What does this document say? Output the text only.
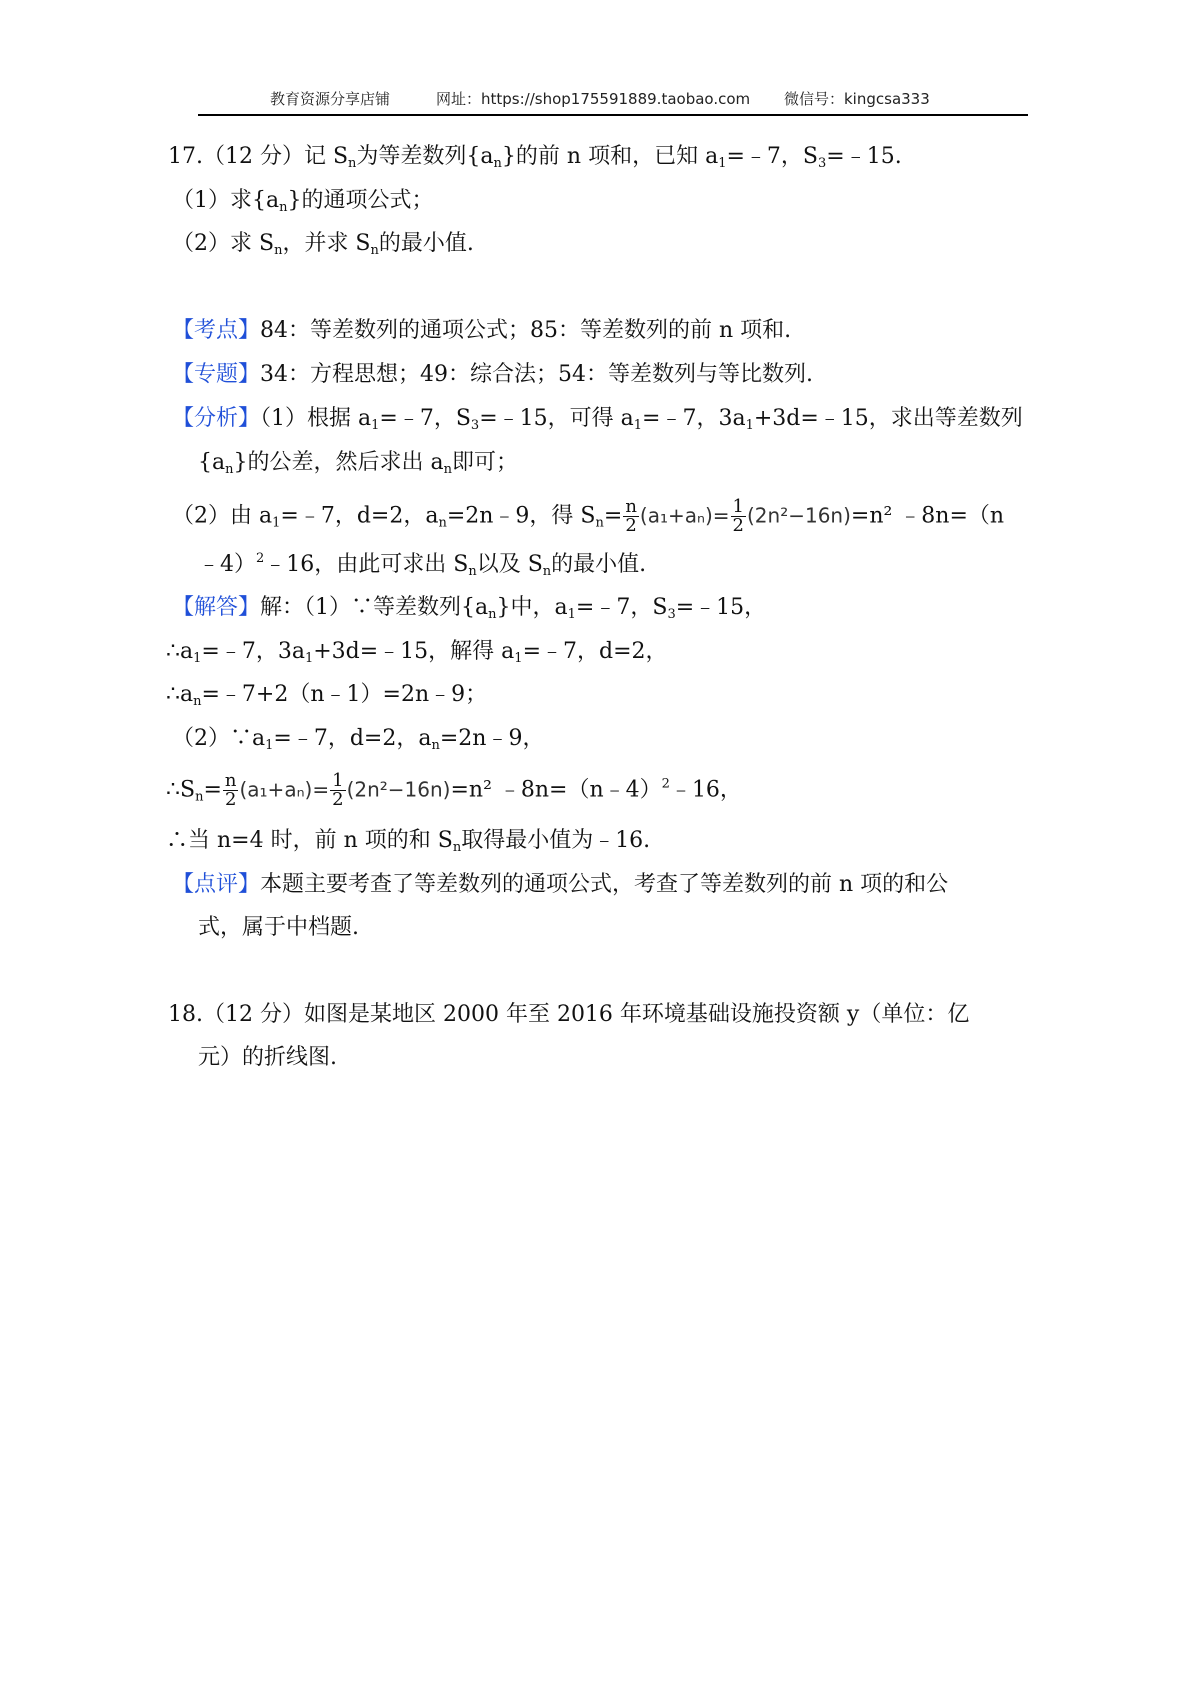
教育资源分享店铺	网址：https://shop175591889.taobao.com 微信号：kingcsa333
17.（12 分）记 $S_n$为等差数列$\{a_n\}$的前 n 项和，已知 $a_1=﹣7$，$S_3=﹣15$.
（1）求$\{a_n\}$的通项公式；
（2）求 $S_n$，并求 $S_n$的最小值.
【考点】84：等差数列的通项公式；85：等差数列的前 n 项和.
【专题】34：方程思想；49：综合法；54：等差数列与等比数列.
【分析】（1）根据 $a_1=﹣7$，$S_3=﹣15$，可得 $a_1=﹣7$，$3a_1+3d=﹣15$，求出等差数列
$\{a_n\}$的公差，然后求出 $a_n$即可；
（2）由 $a_1=﹣7$，d=2，$a_n=2n﹣9$，得 $S_n= \frac{n}{2} (a_1+a_n)= \frac{1}{2} (2n^2-16n)=n^2$ ﹣8n=（n
﹣4）$^2$﹣16，由此可求出 $S_n$以及 $S_n$的最小值.
【解答】解：（1）∵等差数列$\{a_n\}$中，$a_1=﹣7$，$S_3=﹣15$，
$\therefore a_1=﹣7$，$3a_1+3d=﹣15$，解得 $a_1=﹣7$，d=2，
$\therefore a_n=﹣7+2(n﹣1)=2n﹣9$；
$(2)\because a_1=﹣7$，d=2，$a_n=2n﹣9$，
$\therefore S_n= \frac{n}{2} (a_1+a_n)= \frac{1}{2} (2n^2-16n)=n^2$ ﹣8n=（n﹣4）$^2$﹣16，
∴当 n=4 时，前 n 项的和 $S_n$取得最小值为﹣16.
【点评】本题主要考查了等差数列的通项公式，考查了等差数列的前 n 项的和公
式，属于中档题.
18.（12 分）如图是某地区 2000 年至 2016 年环境基础设施投资额 y（单位：亿
元）的折线图.
